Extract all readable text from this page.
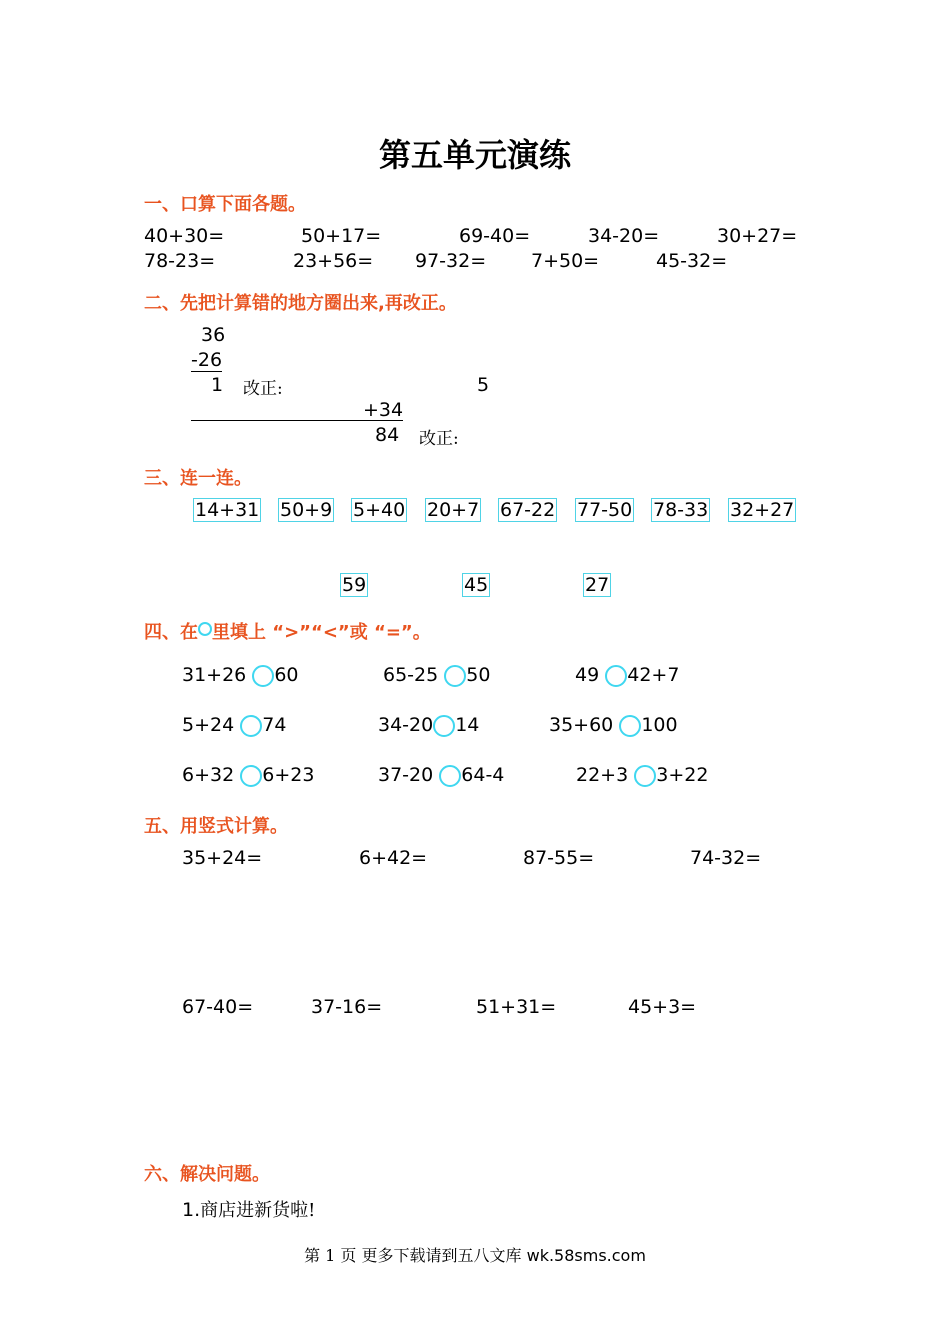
第五单元演练
一、口算下面各题。
40+30=	50+17=	69-40=	34-20=	30+27=
78-23=	23+56= 97-32= 7+50=	45-32=
二、先把计算错的地方圈出来,再改正。
36
-26
1 改正:	5
+34
84 改正:
三、连一连。
14+31 50+9 5+40 20+7 67-22 77-50 78-33 32+27
59	45	27
四、在 里填上 “>”“<”或 “=”。
31+26 60	65-25 50	49 42+7
5+24 74	34-20 14	35+60 100
6+32 6+23	37-20 64-4	22+3 3+22
五、用竖式计算。
35+24=	6+42=	87-55=	74-32=
67-40=	37-16=	51+31=	45+3=
六、解决问题。
1.商店进新货啦!
第 1 页 更多下载请到五八文库 wk.58sms.com
